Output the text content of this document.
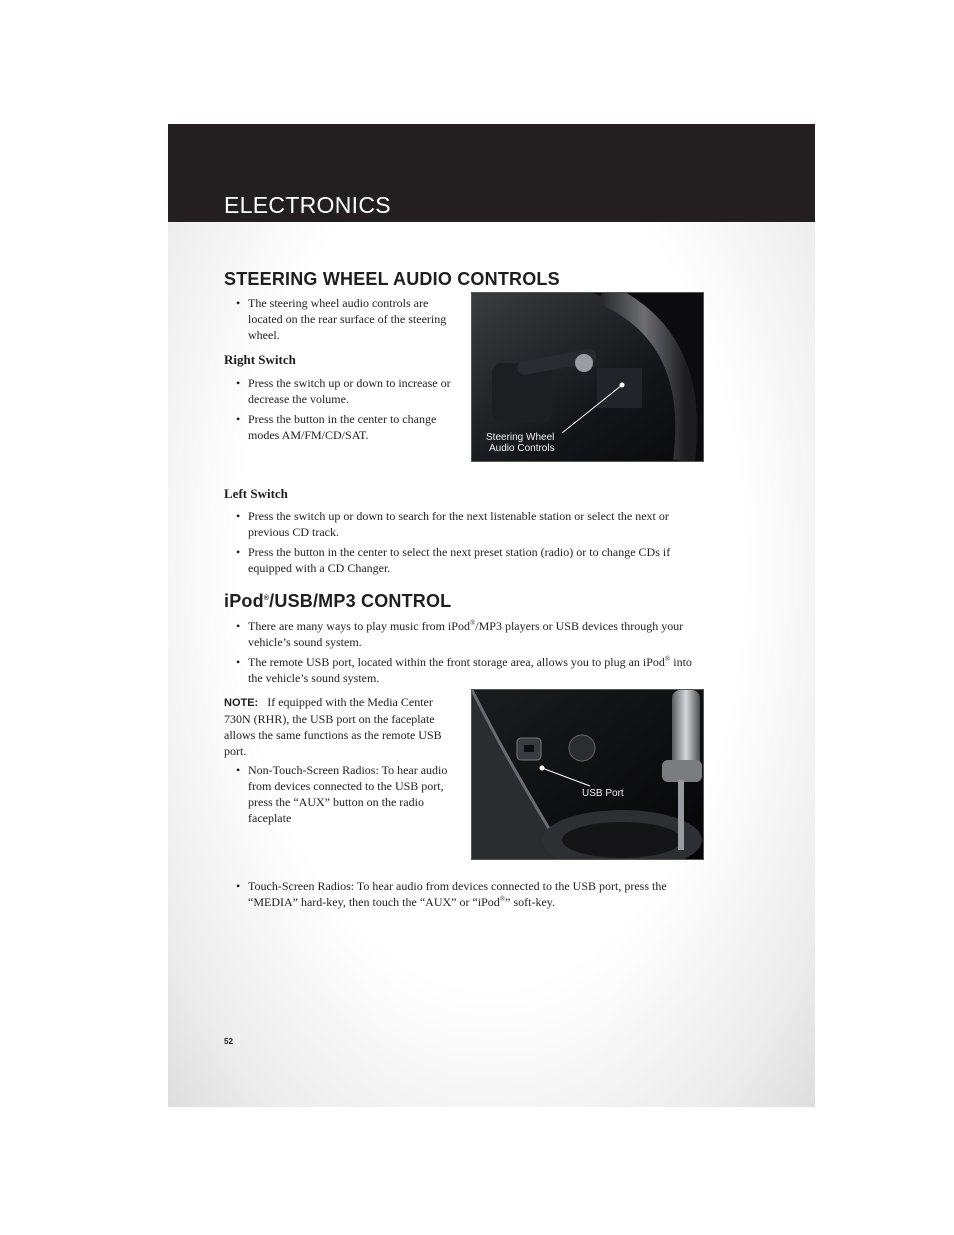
ELECTRONICS
STEERING WHEEL AUDIO CONTROLS
• The steering wheel audio controls are located on the rear surface of the steering wheel.
Right Switch
• Press the switch up or down to increase or decrease the volume.
• Press the button in the center to change modes AM/FM/CD/SAT.	Steering Wheel
Audio Controls
Left Switch
• Press the switch up or down to search for the next listenable station or select the next or previous CD track.
• Press the button in the center to select the next preset station (radio) or to change CDs if equipped with a CD Changer.
iPod®/USB/MP3 CONTROL
• There are many ways to play music from iPod®/MP3 players or USB devices through your vehicle’s sound system.
• The remote USB port, located within the front storage area, allows you to plug an iPod® into the vehicle’s sound system.
NOTE: If equipped with the Media Center 730N (RHR), the USB port on the faceplate allows the same functions as the remote USB port.
• Non-Touch-Screen Radios: To hear audio from devices connected to the USB port, press the “AUX” button on the radio faceplate
USB Port
• Touch-Screen Radios: To hear audio from devices connected to the USB port, press the “MEDIA” hard-key, then touch the “AUX” or “iPod®” soft-key.
52
